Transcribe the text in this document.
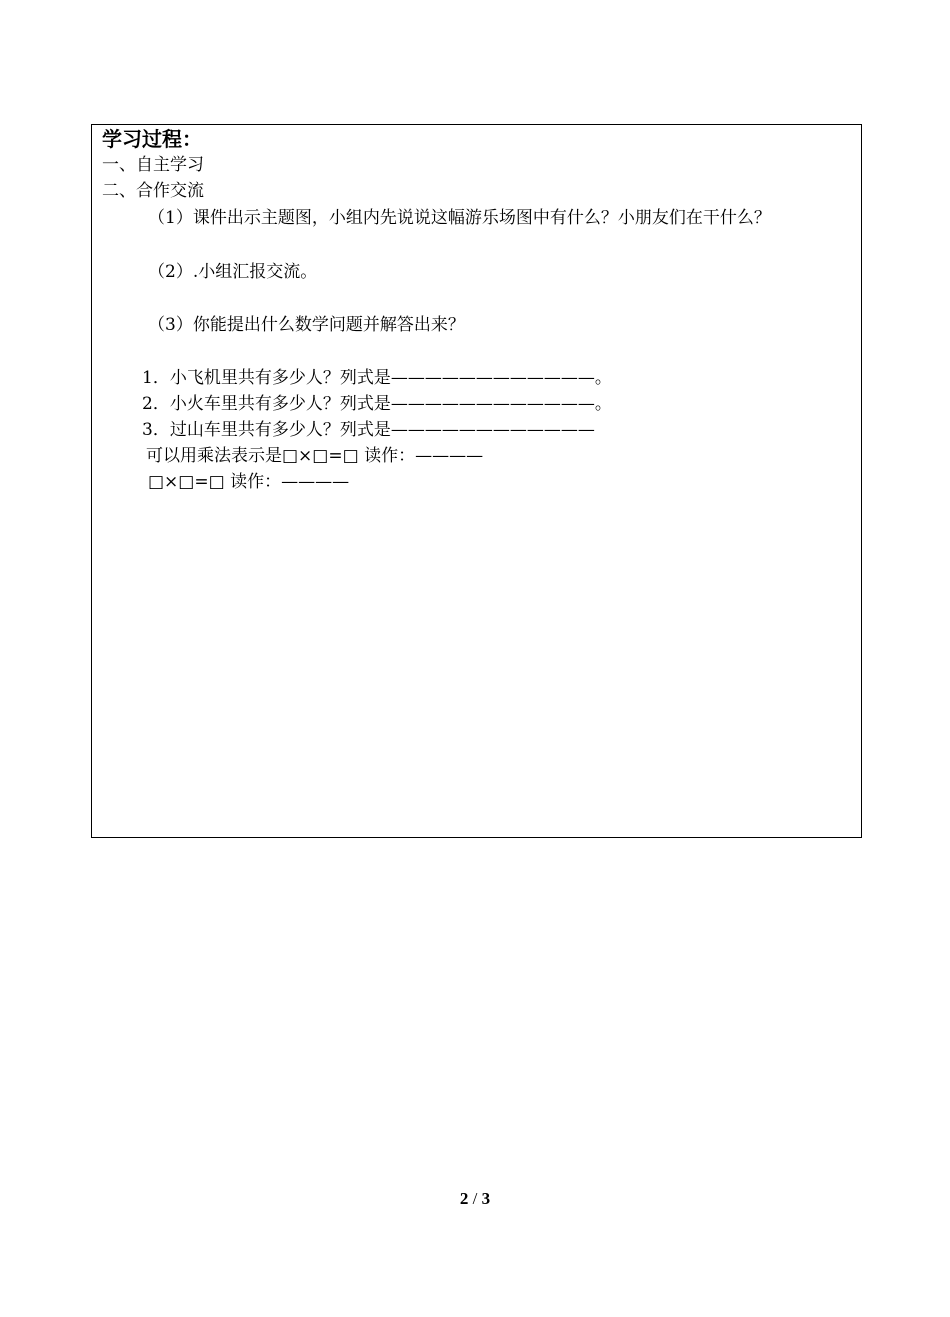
学习过程：
一、自主学习
二、合作交流
（1）课件出示主题图，小组内先说说这幅游乐场图中有什么？小朋友们在干什么？
（2）.小组汇报交流。
（3）你能提出什么数学问题并解答出来？
1．小飞机里共有多少人？列式是————————————。
2．小火车里共有多少人？列式是————————————。
3．过山车里共有多少人？列式是————————————
可以用乘法表示是□×□=□ 读作：————
□×□=□ 读作：————
2 / 3
